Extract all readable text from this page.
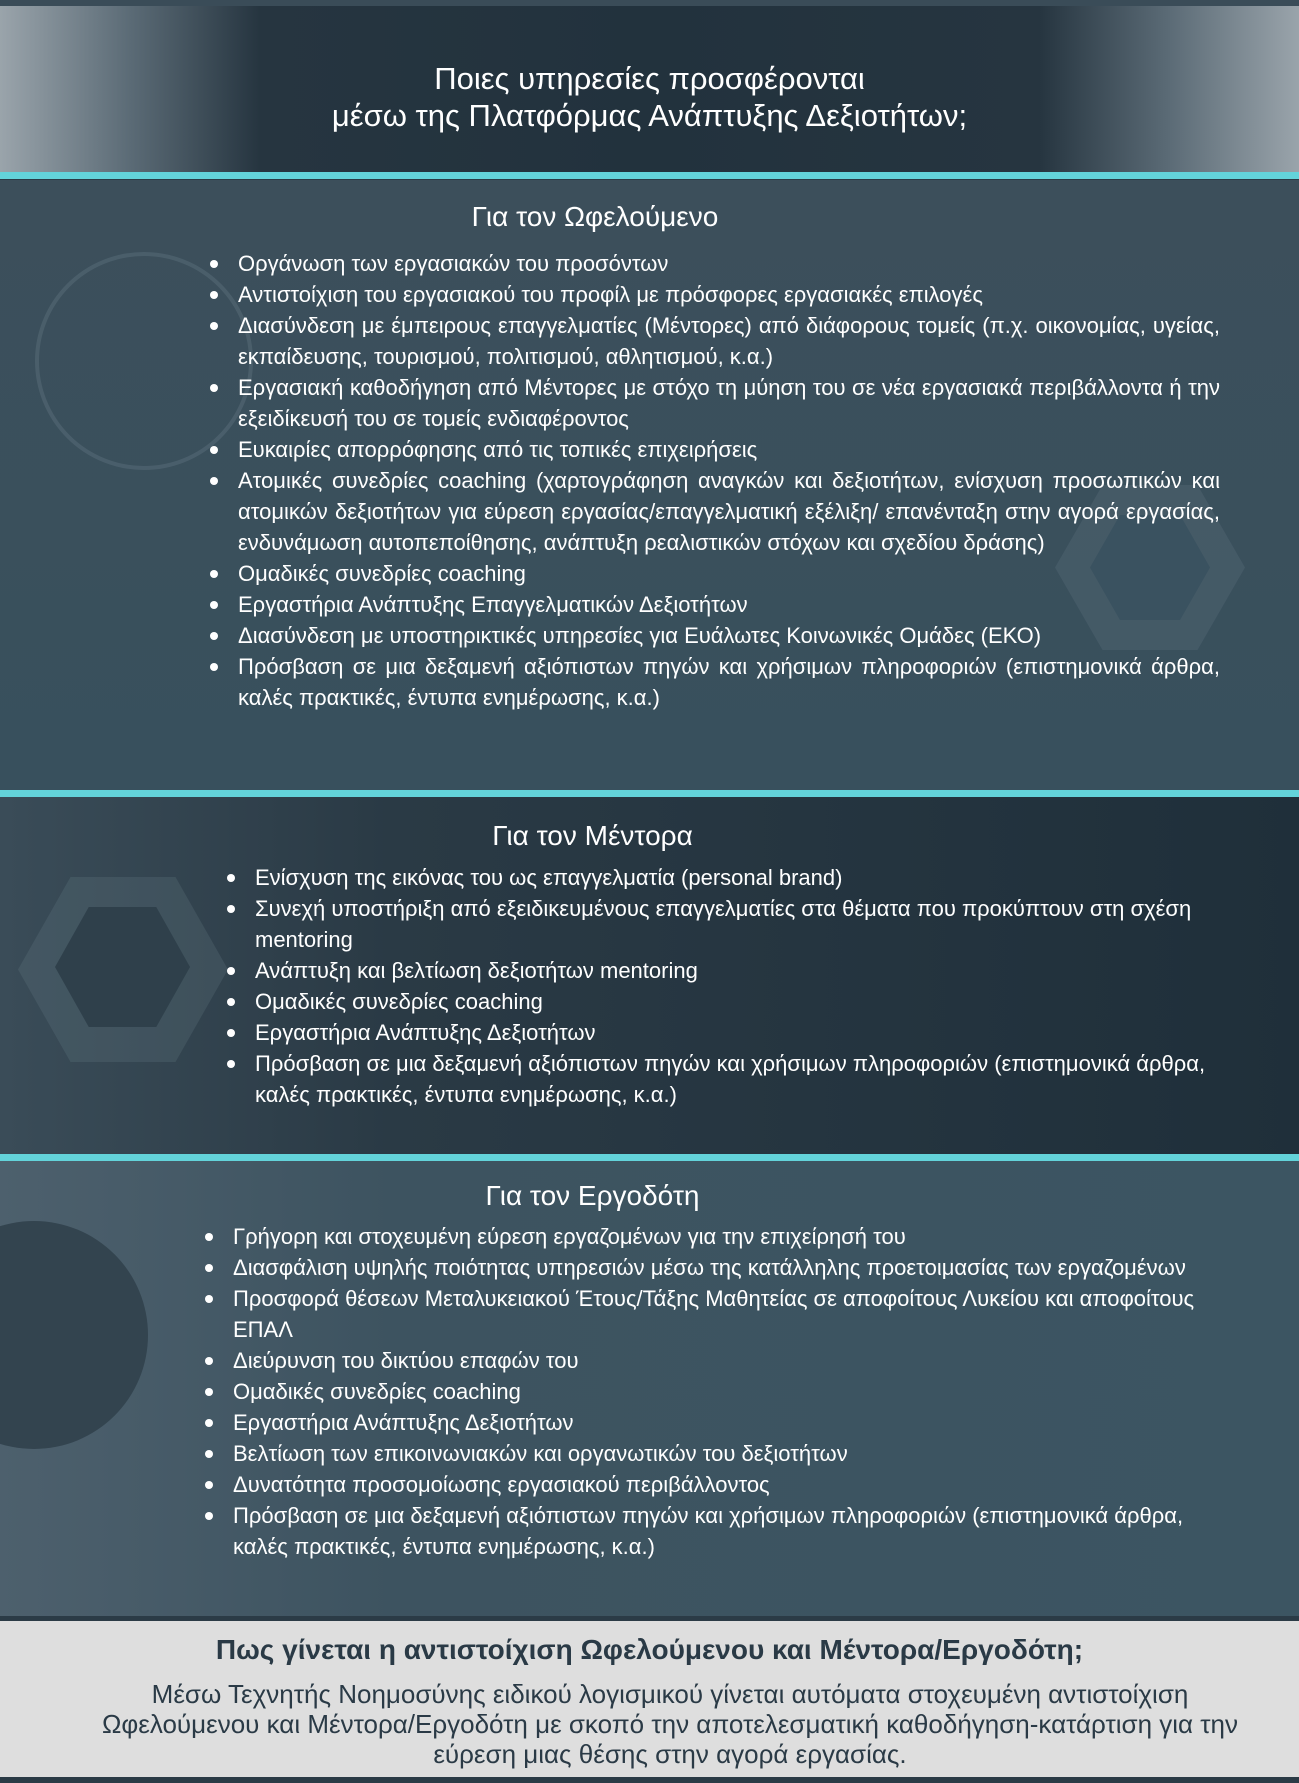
Ποιες υπηρεσίες προσφέρονται
μέσω της Πλατφόρμας Ανάπτυξης Δεξιοτήτων;
Για τον Ωφελούμενο
Οργάνωση των εργασιακών του προσόντων
Αντιστοίχιση του εργασιακού του προφίλ με πρόσφορες εργασιακές επιλογές
Διασύνδεση με έμπειρους επαγγελματίες (Μέντορες) από διάφορους τομείς (π.χ. οικονομίας, υγείας, εκπαίδευσης, τουρισμού, πολιτισμού, αθλητισμού, κ.α.)
Εργασιακή καθοδήγηση από Μέντορες με στόχο τη μύηση του σε νέα εργασιακά περιβάλλοντα ή την εξειδίκευσή του σε τομείς ενδιαφέροντος
Ευκαιρίες απορρόφησης από τις τοπικές επιχειρήσεις
Ατομικές συνεδρίες coaching (χαρτογράφηση αναγκών και δεξιοτήτων, ενίσχυση προσωπικών και ατομικών δεξιοτήτων για εύρεση εργασίας/επαγγελματική εξέλιξη/ επανένταξη στην αγορά εργασίας, ενδυνάμωση αυτοπεποίθησης, ανάπτυξη ρεαλιστικών στόχων και σχεδίου δράσης)
Ομαδικές συνεδρίες coaching
Εργαστήρια Ανάπτυξης Επαγγελματικών Δεξιοτήτων
Διασύνδεση με υποστηρικτικές υπηρεσίες για Ευάλωτες Κοινωνικές Ομάδες (ΕΚΟ)
Πρόσβαση σε μια δεξαμενή αξιόπιστων πηγών και χρήσιμων πληροφοριών (επιστημονικά άρθρα, καλές πρακτικές, έντυπα ενημέρωσης, κ.α.)
Για τον Μέντορα
Ενίσχυση της εικόνας του ως επαγγελματία (personal brand)
Συνεχή υποστήριξη από εξειδικευμένους επαγγελματίες στα θέματα που προκύπτουν στη σχέση mentoring
Ανάπτυξη και βελτίωση δεξιοτήτων mentoring
Ομαδικές συνεδρίες coaching
Εργαστήρια Ανάπτυξης Δεξιοτήτων
Πρόσβαση σε μια δεξαμενή αξιόπιστων πηγών και χρήσιμων πληροφοριών (επιστημονικά άρθρα, καλές πρακτικές, έντυπα ενημέρωσης, κ.α.)
Για τον Εργοδότη
Γρήγορη και στοχευμένη εύρεση εργαζομένων για την επιχείρησή του
Διασφάλιση υψηλής ποιότητας υπηρεσιών μέσω της κατάλληλης προετοιμασίας των εργαζομένων
Προσφορά θέσεων Μεταλυκειακού Έτους/Τάξης Μαθητείας σε αποφοίτους Λυκείου και αποφοίτους ΕΠΑΛ
Διεύρυνση του δικτύου επαφών του
Ομαδικές συνεδρίες coaching
Εργαστήρια Ανάπτυξης Δεξιοτήτων
Βελτίωση των επικοινωνιακών και οργανωτικών του δεξιοτήτων
Δυνατότητα προσομοίωσης εργασιακού περιβάλλοντος
Πρόσβαση σε μια δεξαμενή αξιόπιστων πηγών και χρήσιμων πληροφοριών (επιστημονικά άρθρα, καλές πρακτικές, έντυπα ενημέρωσης, κ.α.)
Πως γίνεται η αντιστοίχιση Ωφελούμενου και Μέντορα/Εργοδότη;
Μέσω Τεχνητής Νοημοσύνης ειδικού λογισμικού γίνεται αυτόματα στοχευμένη αντιστοίχιση Ωφελούμενου και Μέντορα/Εργοδότη με σκοπό την αποτελεσματική καθοδήγηση-κατάρτιση για την εύρεση μιας θέσης στην αγορά εργασίας.
